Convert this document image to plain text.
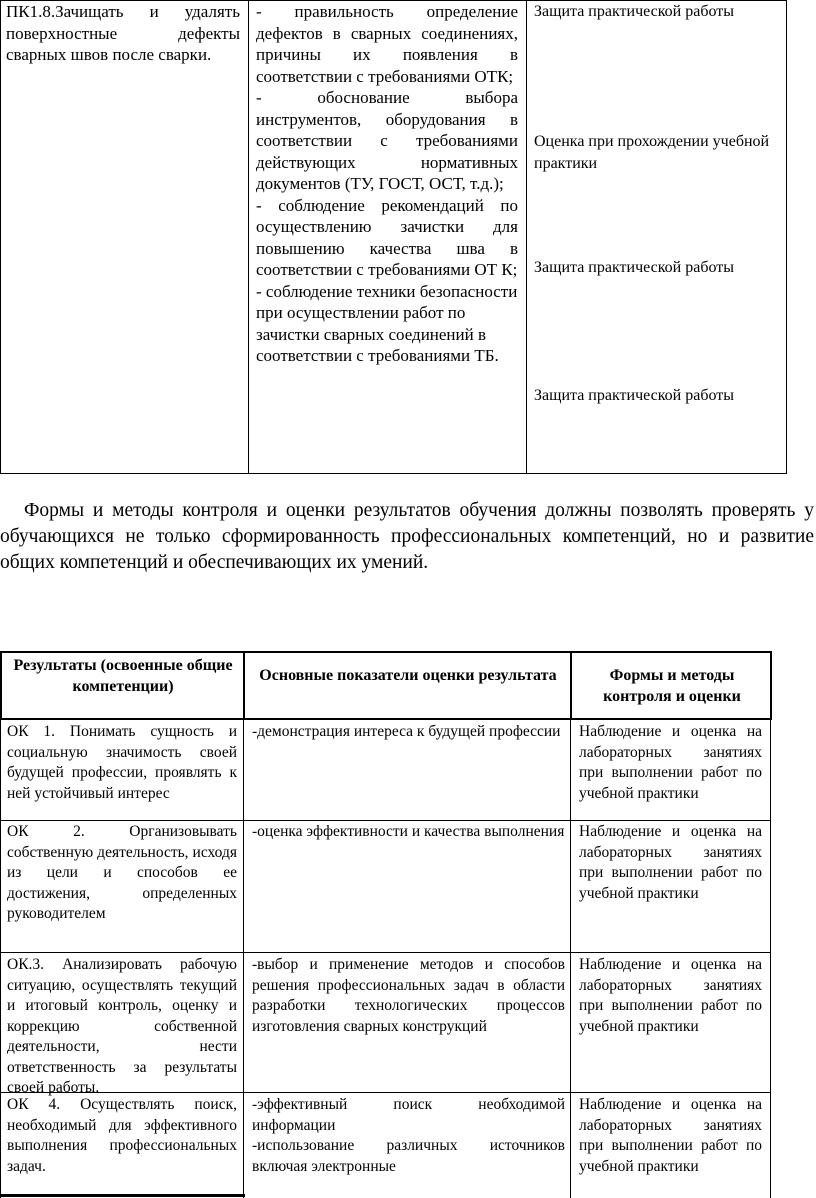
ПК1.8.Зачищать и удалять поверхностные дефекты сварных швов после сварки.
- правильность определение дефектов в сварных соединениях, причины их появления в соответствии с требованиями ОТК;
- обоснование выбора инструментов, оборудования в соответствии с требованиями действующих нормативных документов (ТУ, ГОСТ, ОСТ, т.д.);
- соблюдение рекомендаций по осуществлению зачистки для повышению качества шва в соответствии с требованиями ОТ К;
- соблюдение техники безопасности при осуществлении работ по зачистки сварных соединений в соответствии с требованиями ТБ.
Защита практической работы
Оценка при прохождении учебной практики
Защита практической работы
Защита практической работы
Формы и методы контроля и оценки результатов обучения должны позволять проверять у обучающихся не только сформированность профессиональных компетенций, но и развитие общих компетенций и обеспечивающих их умений.
Результаты (освоенные общие компетенции)
Основные показатели оценки результата	Формы и методы контроля и оценки
ОК 1. Понимать сущность и социальную значимость своей будущей профессии, проявлять к ней устойчивый интерес
-демонстрация интереса к будущей профессии Наблюдение и оценка на лабораторных занятиях при выполнении работ по учебной практики
ОК 2. Организовывать собственную деятельность, исходя из цели и способов ее достижения, определенных руководителем
-оценка эффективности и качества выполнения Наблюдение и оценка на лабораторных занятиях при выполнении работ по учебной практики
ОК.3. Анализировать рабочую ситуацию, осуществлять текущий и итоговый контроль, оценку и коррекцию собственной деятельности, нести ответственность за результаты своей работы.
-выбор и применение методов и способов решения профессиональных задач в области разработки технологических процессов изготовления сварных конструкций
Наблюдение и оценка на лабораторных занятиях при выполнении работ по учебной практики
ОК 4. Осуществлять поиск, необходимый для эффективного выполнения профессиональных задач.
-эффективный поиск необходимой информации
-использование различных источников включая электронные
Наблюдение и оценка на лабораторных занятиях при выполнении работ по учебной практики
